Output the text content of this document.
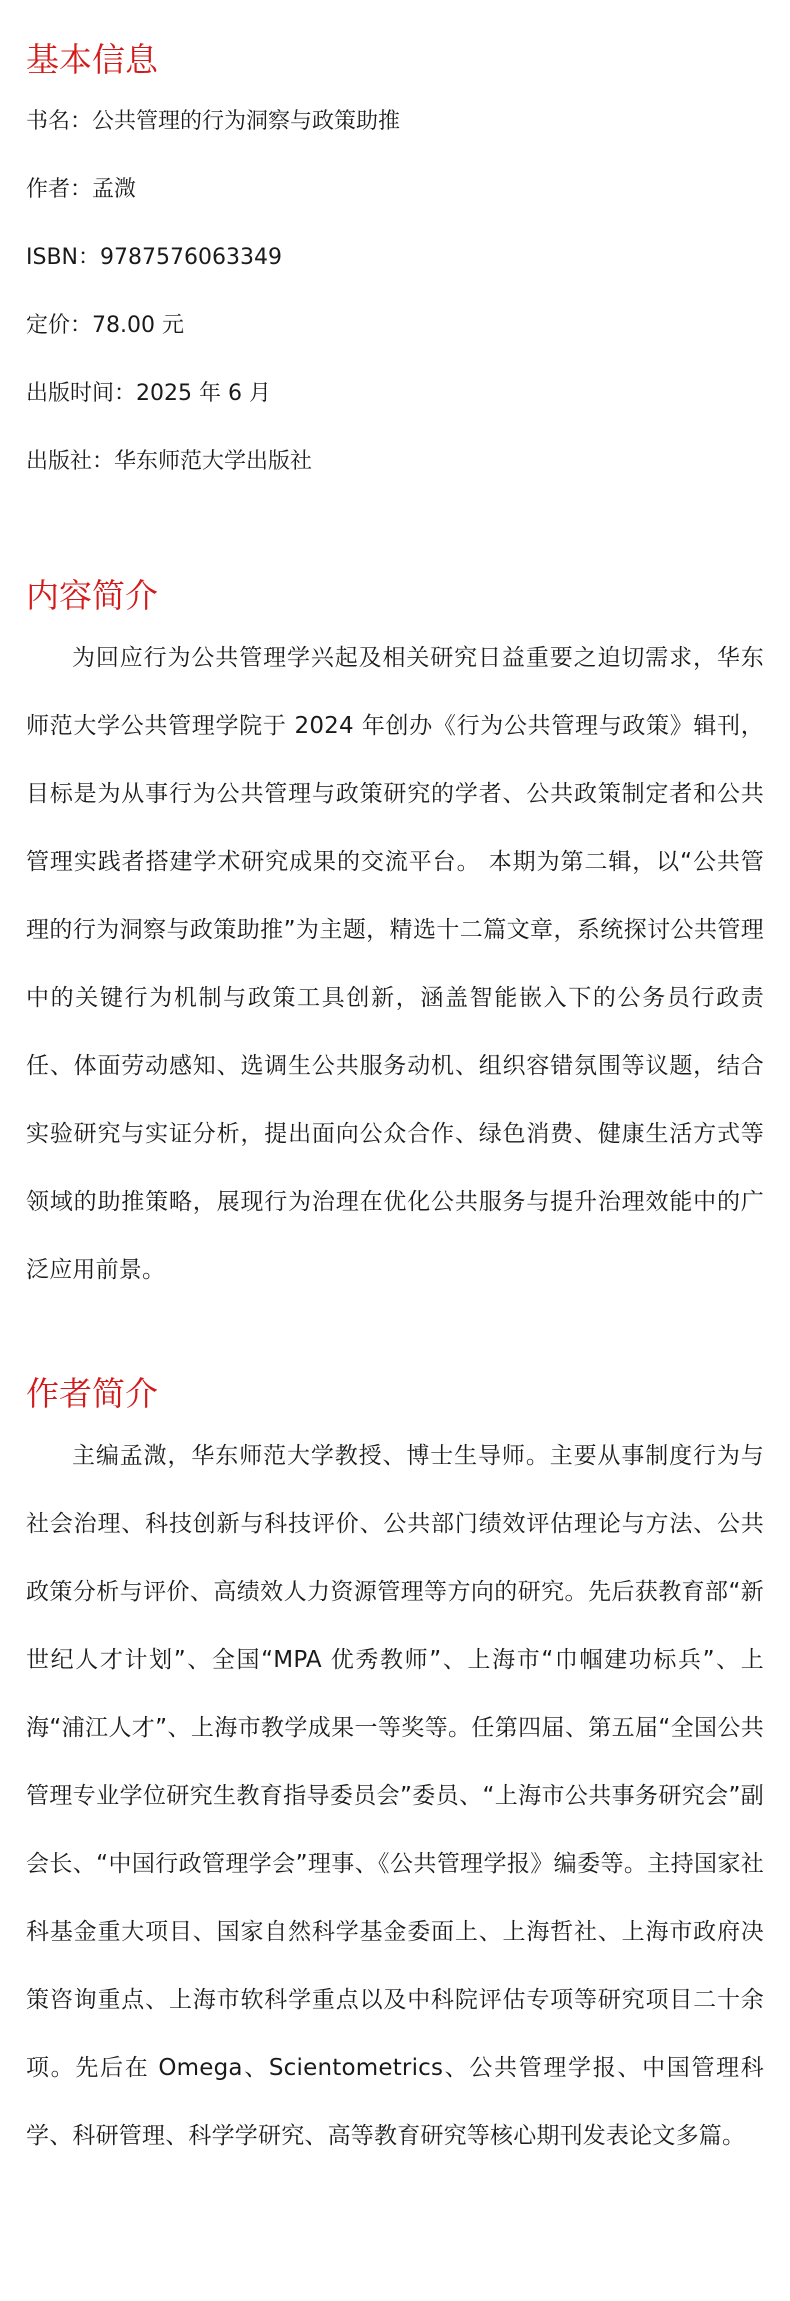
基本信息

书名：公共管理的行为洞察与政策助推

作者：孟溦

ISBN：9787576063349

定价：78.00 元

出版时间：2025 年 6 月

出版社：华东师范大学出版社

内容简介

为回应行为公共管理学兴起及相关研究日益重要之迫切需求，华东师范大学公共管理学院于 2024 年创办《行为公共管理与政策》辑刊，目标是为从事行为公共管理与政策研究的学者、公共政策制定者和公共管理实践者搭建学术研究成果的交流平台。 本期为第二辑，以“公共管理的行为洞察与政策助推”为主题，精选十二篇文章，系统探讨公共管理中的关键行为机制与政策工具创新，涵盖智能嵌入下的公务员行政责任、体面劳动感知、选调生公共服务动机、组织容错氛围等议题，结合实验研究与实证分析，提出面向公众合作、绿色消费、健康生活方式等领域的助推策略，展现行为治理在优化公共服务与提升治理效能中的广泛应用前景。

作者简介

主编孟溦，华东师范大学教授、博士生导师。主要从事制度行为与社会治理、科技创新与科技评价、公共部门绩效评估理论与方法、公共政策分析与评价、高绩效人力资源管理等方向的研究。先后获教育部“新世纪人才计划”、全国“MPA 优秀教师”、上海市“巾帼建功标兵”、上海“浦江人才”、上海市教学成果一等奖等。任第四届、第五届“全国公共管理专业学位研究生教育指导委员会”委员、“上海市公共事务研究会”副会长、“中国行政管理学会”理事、《公共管理学报》编委等。主持国家社科基金重大项目、国家自然科学基金委面上、上海哲社、上海市政府决策咨询重点、上海市软科学重点以及中科院评估专项等研究项目二十余项。先后在 Omega、Scientometrics、公共管理学报、中国管理科学、科研管理、科学学研究、高等教育研究等核心期刊发表论文多篇。
